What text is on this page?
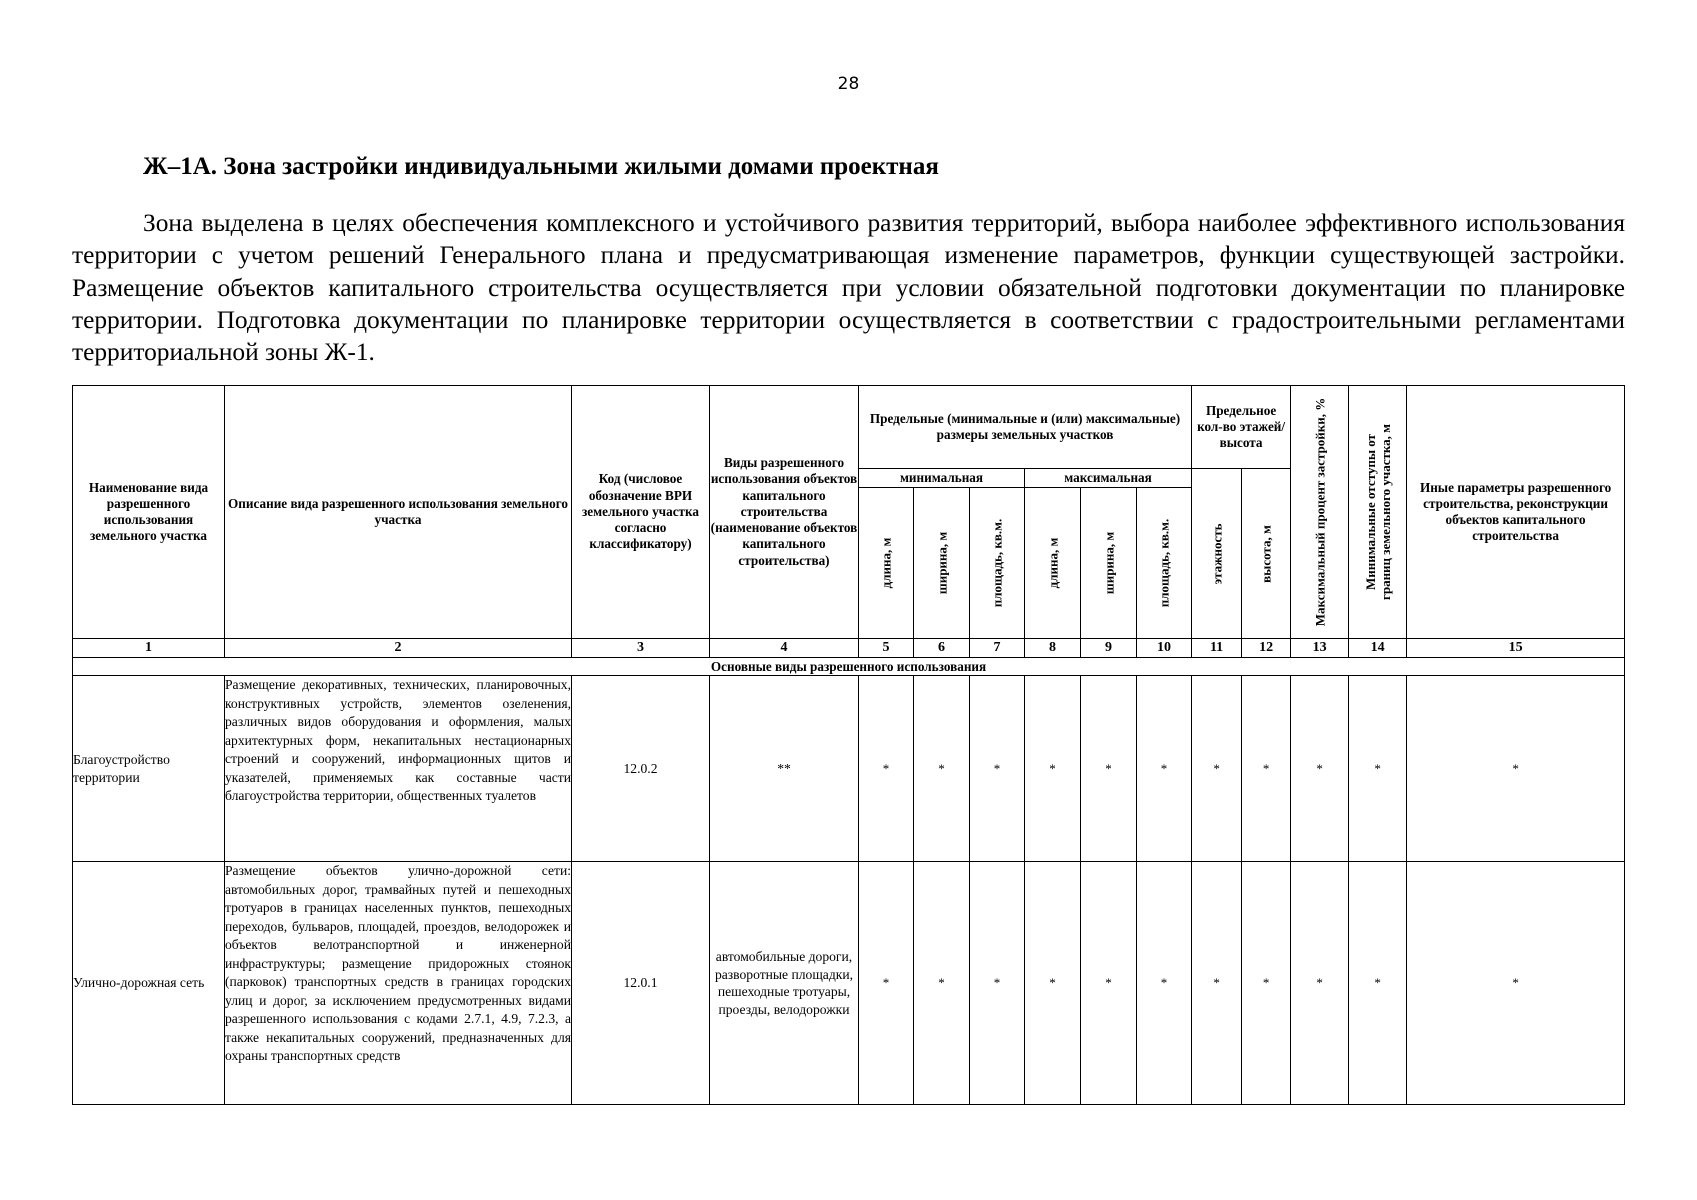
28
Ж–1А. Зона застройки индивидуальными жилыми домами проектная

Зона выделена в целях обеспечения комплексного и устойчивого развития территорий, выбора наиболее эффективного использования территории с учетом решений Генерального плана и предусматривающая изменение параметров, функции существующей застройки. Размещение объектов капитального строительства осуществляется при условии обязательной подготовки документации по планировке территории. Подготовка документации по планировке территории осуществляется в соответствии с градостроительными регламентами территориальной зоны Ж-1.

Наименование вида разрешенного использования земельного участка	Описание вида разрешенного использования земельного участка	Код (числовое обозначение ВРИ земельного участка согласно классификатору)	Виды разрешенного использования объектов капитального строительства (наименование объектов капитального строительства)	Предельные (минимальные и (или) максимальные) размеры земельных участков						Предельное кол-во этажей/ высота		Максимальный процент застройки, %	Минимальные отступы от границ земельного участка, м	Иные параметры разрешенного строительства, реконструкции объектов капитального строительства
				минимальная			максимальная			этажность	высота, м			

				длина, м	ширина, м	площадь, кв.м.	длина, м	ширина, м	площадь, кв.м.					

1	2	3	4	5	6	7	8	9	10	11	12	13	14	15
Основные виды разрешенного использования														
Благоустройство территории	Размещение декоративных, технических, планировочных, конструктивных устройств, элементов озеленения, различных видов оборудования и оформления, малых архитектурных форм, некапитальных нестационарных строений и сооружений, информационных щитов и указателей, применяемых как составные части благоустройства территории, общественных туалетов	12.0.2	**	*	*	*	*	*	*	*	*	*	*	*
Улично-дорожная сеть	Размещение объектов улично-дорожной сети: автомобильных дорог, трамвайных путей и пешеходных тротуаров в границах населенных пунктов, пешеходных переходов, бульваров, площадей, проездов, велодорожек и объектов велотранспортной и инженерной инфраструктуры; размещение придорожных стоянок (парковок) транспортных средств в границах городских улиц и дорог, за исключением предусмотренных видами разрешенного использования с кодами 2.7.1, 4.9, 7.2.3, а также некапитальных сооружений, предназначенных для охраны транспортных средств	12.0.1	автомобильные дороги, разворотные площадки, пешеходные тротуары, проезды, велодорожки	*	*	*	*	*	*	*	*	*	*	*
